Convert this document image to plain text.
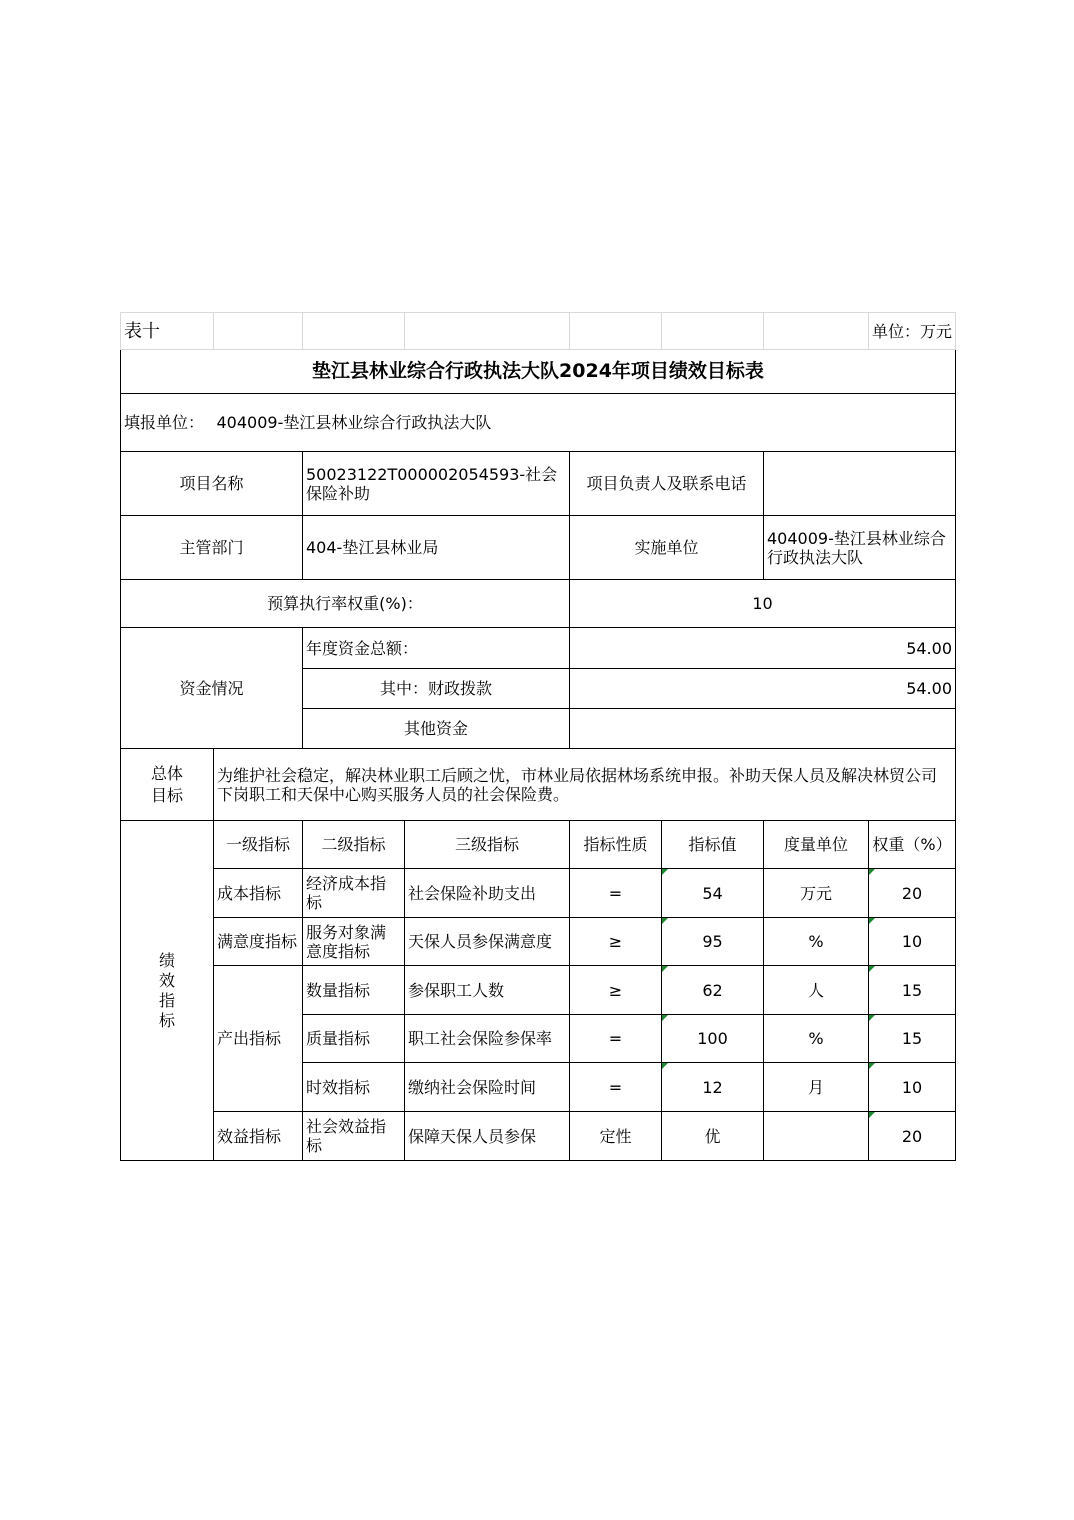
表十							单位：万元
垫江县林业综合行政执法大队2024年项目绩效目标表							
填报单位：	404009-垫江县林业综合行政执法大队						
项目名称		50023122T000002054593-社会保险补助		项目负责人及联系电话			
主管部门		404-垫江县林业局		实施单位		404009-垫江县林业综合行政执法大队	
预算执行率权重(%)：				10			
资金情况		年度资金总额：		54.00			
		其中：财政拨款		54.00			
		其他资金					
总体目标	为维护社会稳定，解决林业职工后顾之忧，市林业局依据林场系统申报。补助天保人员及解决林贸公司下岗职工和天保中心购买服务人员的社会保险费。						
绩效指标	一级指标	二级指标	三级指标	指标性质	指标值	度量单位	权重（%）
	成本指标	经济成本指标	社会保险补助支出	=	54	万元	20
	满意度指标	服务对象满意度指标	天保人员参保满意度	≥	95	%	10
	产出指标	数量指标	参保职工人数	≥	62	人	15
		质量指标	职工社会保险参保率	=	100	%	15
		时效指标	缴纳社会保险时间	=	12	月	10
	效益指标	社会效益指标	保障天保人员参保	定性	优		20
